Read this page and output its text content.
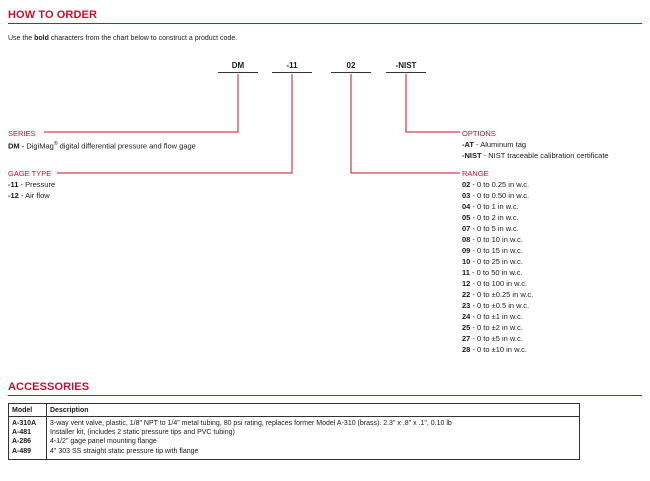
HOW TO ORDER
Use the bold characters from the chart below to construct a product code.
DM	-11	02	-NIST
SERIES
DM - DigiMag® digital differential pressure and flow gage
GAGE TYPE
-11 - Pressure
-12 - Air flow
OPTIONS
-AT - Aluminum tag
-NIST - NIST traceable calibration certificate
RANGE
02 - 0 to 0.25 in w.c.
03 - 0 to 0.50 in w.c.
04 - 0 to 1 in w.c.
05 - 0 to 2 in w.c.
07 - 0 to 5 in w.c.
08 - 0 to 10 in w.c.
09 - 0 to 15 in w.c.
10 - 0 to 25 in w.c.
11 - 0 to 50 in w.c.
12 - 0 to 100 in w.c.
22 - 0 to ±0.25 in w.c.
23 - 0 to ±0.5 in w.c.
24 - 0 to ±1 in w.c.
25 - 0 to ±2 in w.c.
27 - 0 to ±5 in w.c.
28 - 0 to ±10 in w.c.
ACCESSORIES
Model	Description
A-310A	3-way vent valve, plastic, 1/8" NPT to 1/4" metal tubing, 80 psi rating, replaces former Model A-310 (brass). 2.3" x .8" x .1", 0.10 lb
A-481	Installer kit, (includes 2 static pressure tips and PVC tubing)
A-286	4-1/2" gage panel mounting flange
A-489	4" 303 SS straight static pressure tip with flange
